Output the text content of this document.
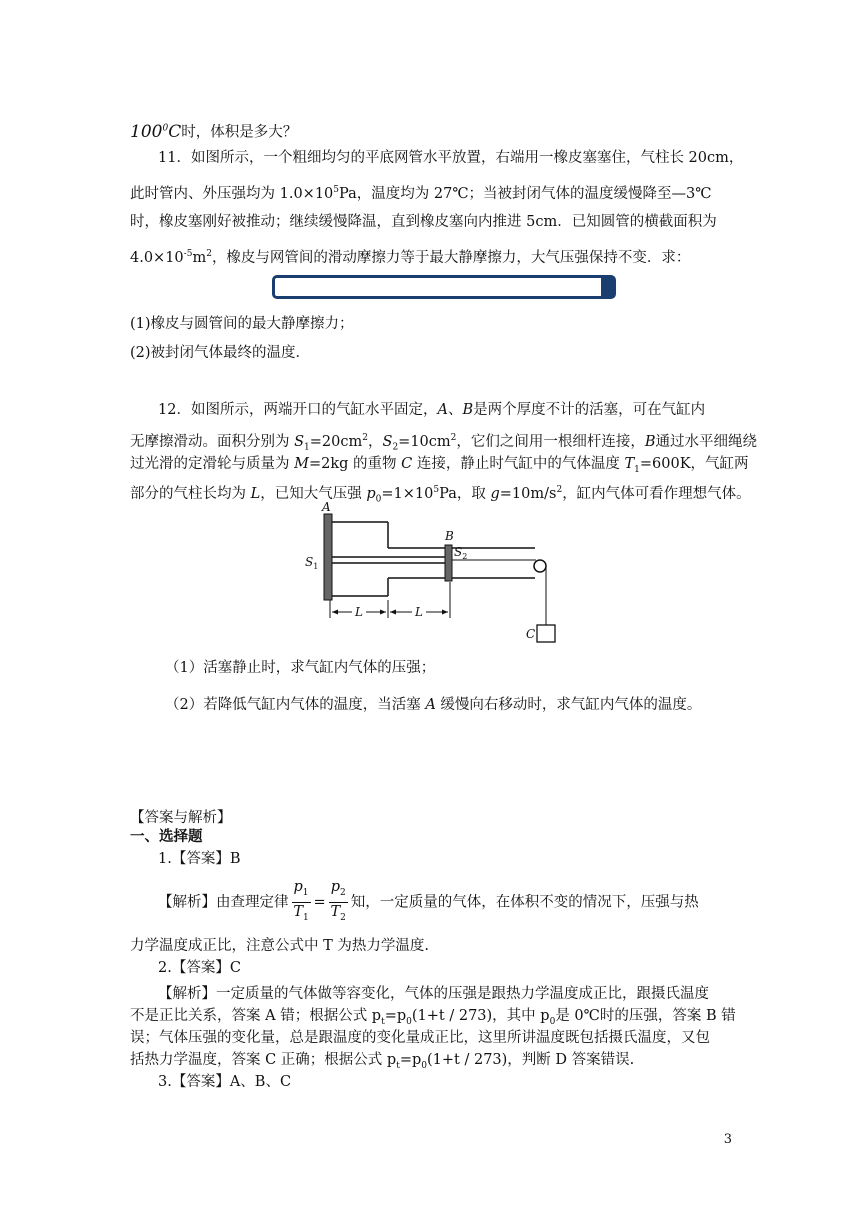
$100^0C$时，体积是多大？
11．如图所示，一个粗细均匀的平底网管水平放置，右端用一橡皮塞塞住，气柱长 20cm，
此时管内、外压强均为 $1.0\times 10^5Pa$，温度均为 27℃；当被封闭气体的温度缓慢降至—3℃
时，橡皮塞刚好被推动；继续缓慢降温，直到橡皮塞向内推进 5cm．已知圆管的横截面积为
$4.0\times 10^{-5}m^2$，橡皮与网管间的滑动摩擦力等于最大静摩擦力，大气压强保持不变．求：
(1)橡皮与圆管间的最大静摩擦力；
(2)被封闭气体最终的温度．
12．如图所示，两端开口的气缸水平固定，A、B是两个厚度不计的活塞，可在气缸内
无摩擦滑动。面积分别为 $S_1=20cm^2$，$S_2=10cm^2$，它们之间用一根细杆连接，B通过水平细绳绕
过光滑的定滑轮与质量为 M=2kg 的重物 C 连接，静止时气缸中的气体温度 $T_1=600K$，气缸两
部分的气柱长均为 L，已知大气压强 $p_0=1\times 10^5Pa$，取 $g=10m/s^2$，缸内气体可看作理想气体。
A
B
$S_1$
$S_2$
L	L
C
（1）活塞静止时，求气缸内气体的压强；
（2）若降低气缸内气体的温度，当活塞 A 缓慢向右移动时，求气缸内气体的温度。
【答案与解析】
一、选择题
1.【答案】B
【解析】由查理定律 $\frac{p_1}{T_1} = \frac{p_2}{T_2}$ 知，一定质量的气体，在体积不变的情况下，压强与热
力学温度成正比，注意公式中 T 为热力学温度.
2.【答案】C
【解析】一定质量的气体做等容变化，气体的压强是跟热力学温度成正比，跟摄氏温度
不是正比关系，答案 A 错；根据公式 $p_t=p_0(1+t / 273)$，其中 $p_0$是 0℃时的压强，答案 B 错
误；气体压强的变化量，总是跟温度的变化量成正比，这里所讲温度既包括摄氏温度，又包
括热力学温度，答案 C 正确；根据公式 $p_t=p_0(1+t / 273)$，判断 D 答案错误.
3.【答案】A、B、C
3
